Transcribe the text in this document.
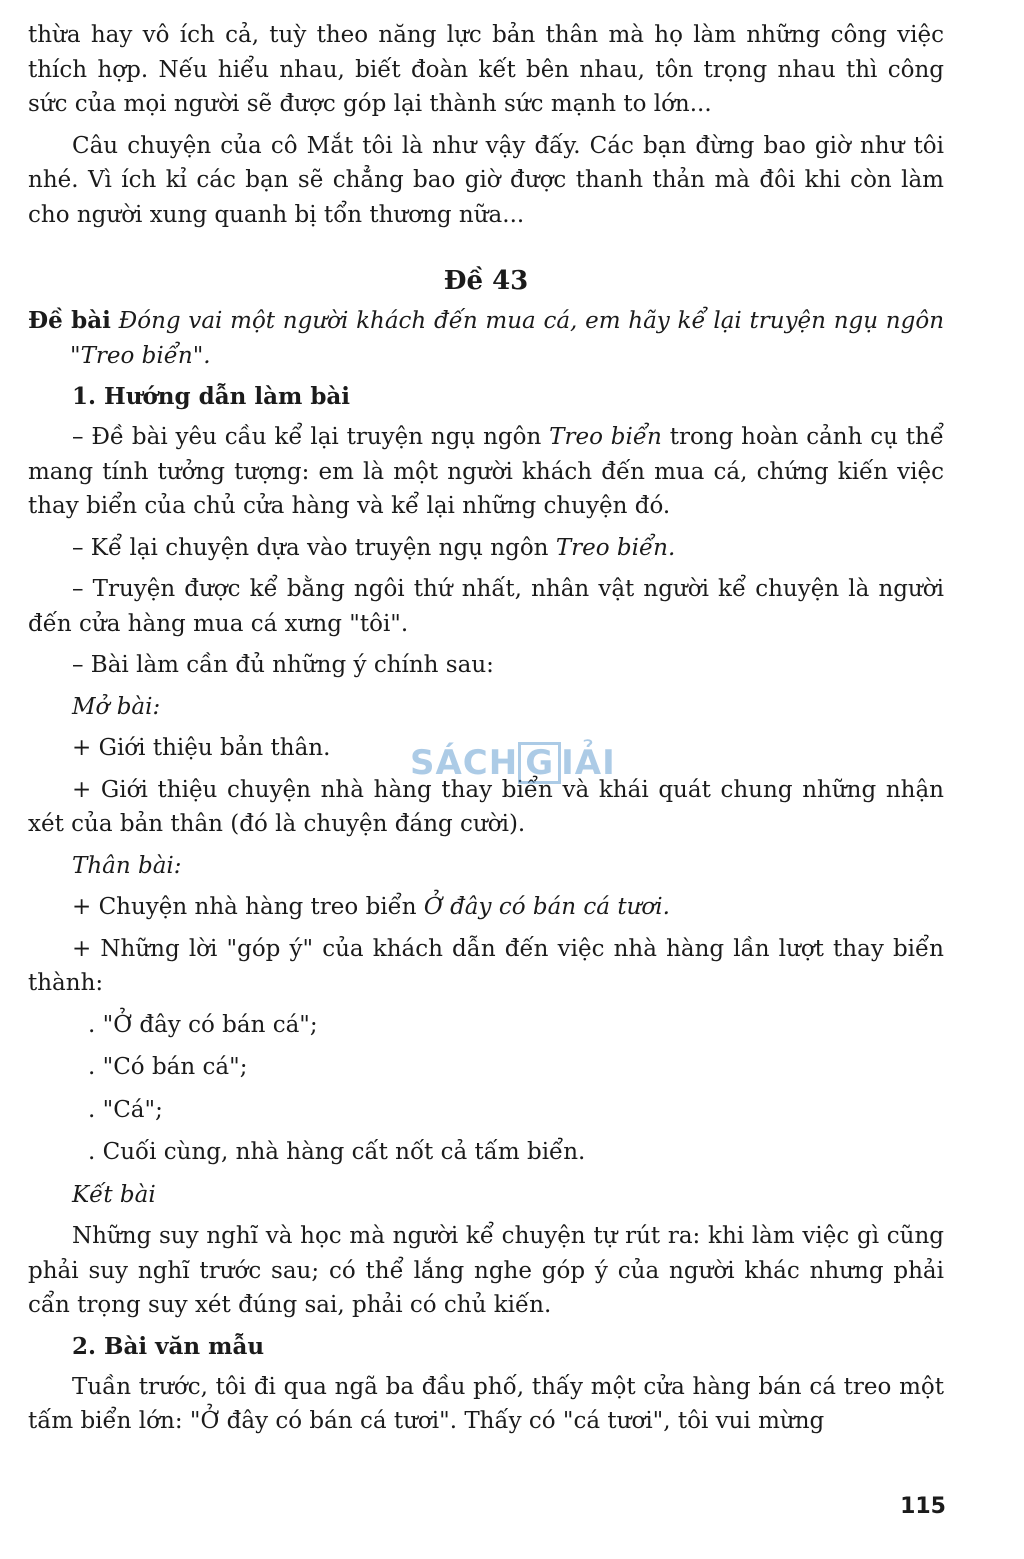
thừa hay vô ích cả, tuỳ theo năng lực bản thân mà họ làm những công việc thích hợp. Nếu hiểu nhau, biết đoàn kết bên nhau, tôn trọng nhau thì công sức của mọi người sẽ được góp lại thành sức mạnh to lớn...

Câu chuyện của cô Mắt tôi là như vậy đấy. Các bạn đừng bao giờ như tôi nhé. Vì ích kỉ các bạn sẽ chẳng bao giờ được thanh thản mà đôi khi còn làm cho người xung quanh bị tổn thương nữa...

Đề 43

Đề bài Đóng vai một người khách đến mua cá, em hãy kể lại truyện ngụ ngôn "Treo biển".

1. Hướng dẫn làm bài

– Đề bài yêu cầu kể lại truyện ngụ ngôn Treo biển trong hoàn cảnh cụ thể mang tính tưởng tượng: em là một người khách đến mua cá, chứng kiến việc thay biển của chủ cửa hàng và kể lại những chuyện đó.

– Kể lại chuyện dựa vào truyện ngụ ngôn Treo biển.

– Truyện được kể bằng ngôi thứ nhất, nhân vật người kể chuyện là người đến cửa hàng mua cá xưng "tôi".

– Bài làm cần đủ những ý chính sau:

Mở bài:

+ Giới thiệu bản thân.

+ Giới thiệu chuyện nhà hàng thay biển và khái quát chung những nhận xét của bản thân (đó là chuyện đáng cười).

Thân bài:

+ Chuyện nhà hàng treo biển Ở đây có bán cá tươi.

+ Những lời "góp ý" của khách dẫn đến việc nhà hàng lần lượt thay biển thành:

. "Ở đây có bán cá";
. "Có bán cá";
. "Cá";
. Cuối cùng, nhà hàng cất nốt cả tấm biển.
Kết bài

Những suy nghĩ và học mà người kể chuyện tự rút ra: khi làm việc gì cũng phải suy nghĩ trước sau; có thể lắng nghe góp ý của người khác nhưng phải cẩn trọng suy xét đúng sai, phải có chủ kiến.

2. Bài văn mẫu

Tuần trước, tôi đi qua ngã ba đầu phố, thấy một cửa hàng bán cá treo một tấm biển lớn: "Ở đây có bán cá tươi". Thấy có "cá tươi", tôi vui mừng

SÁCH G IẢI
115
